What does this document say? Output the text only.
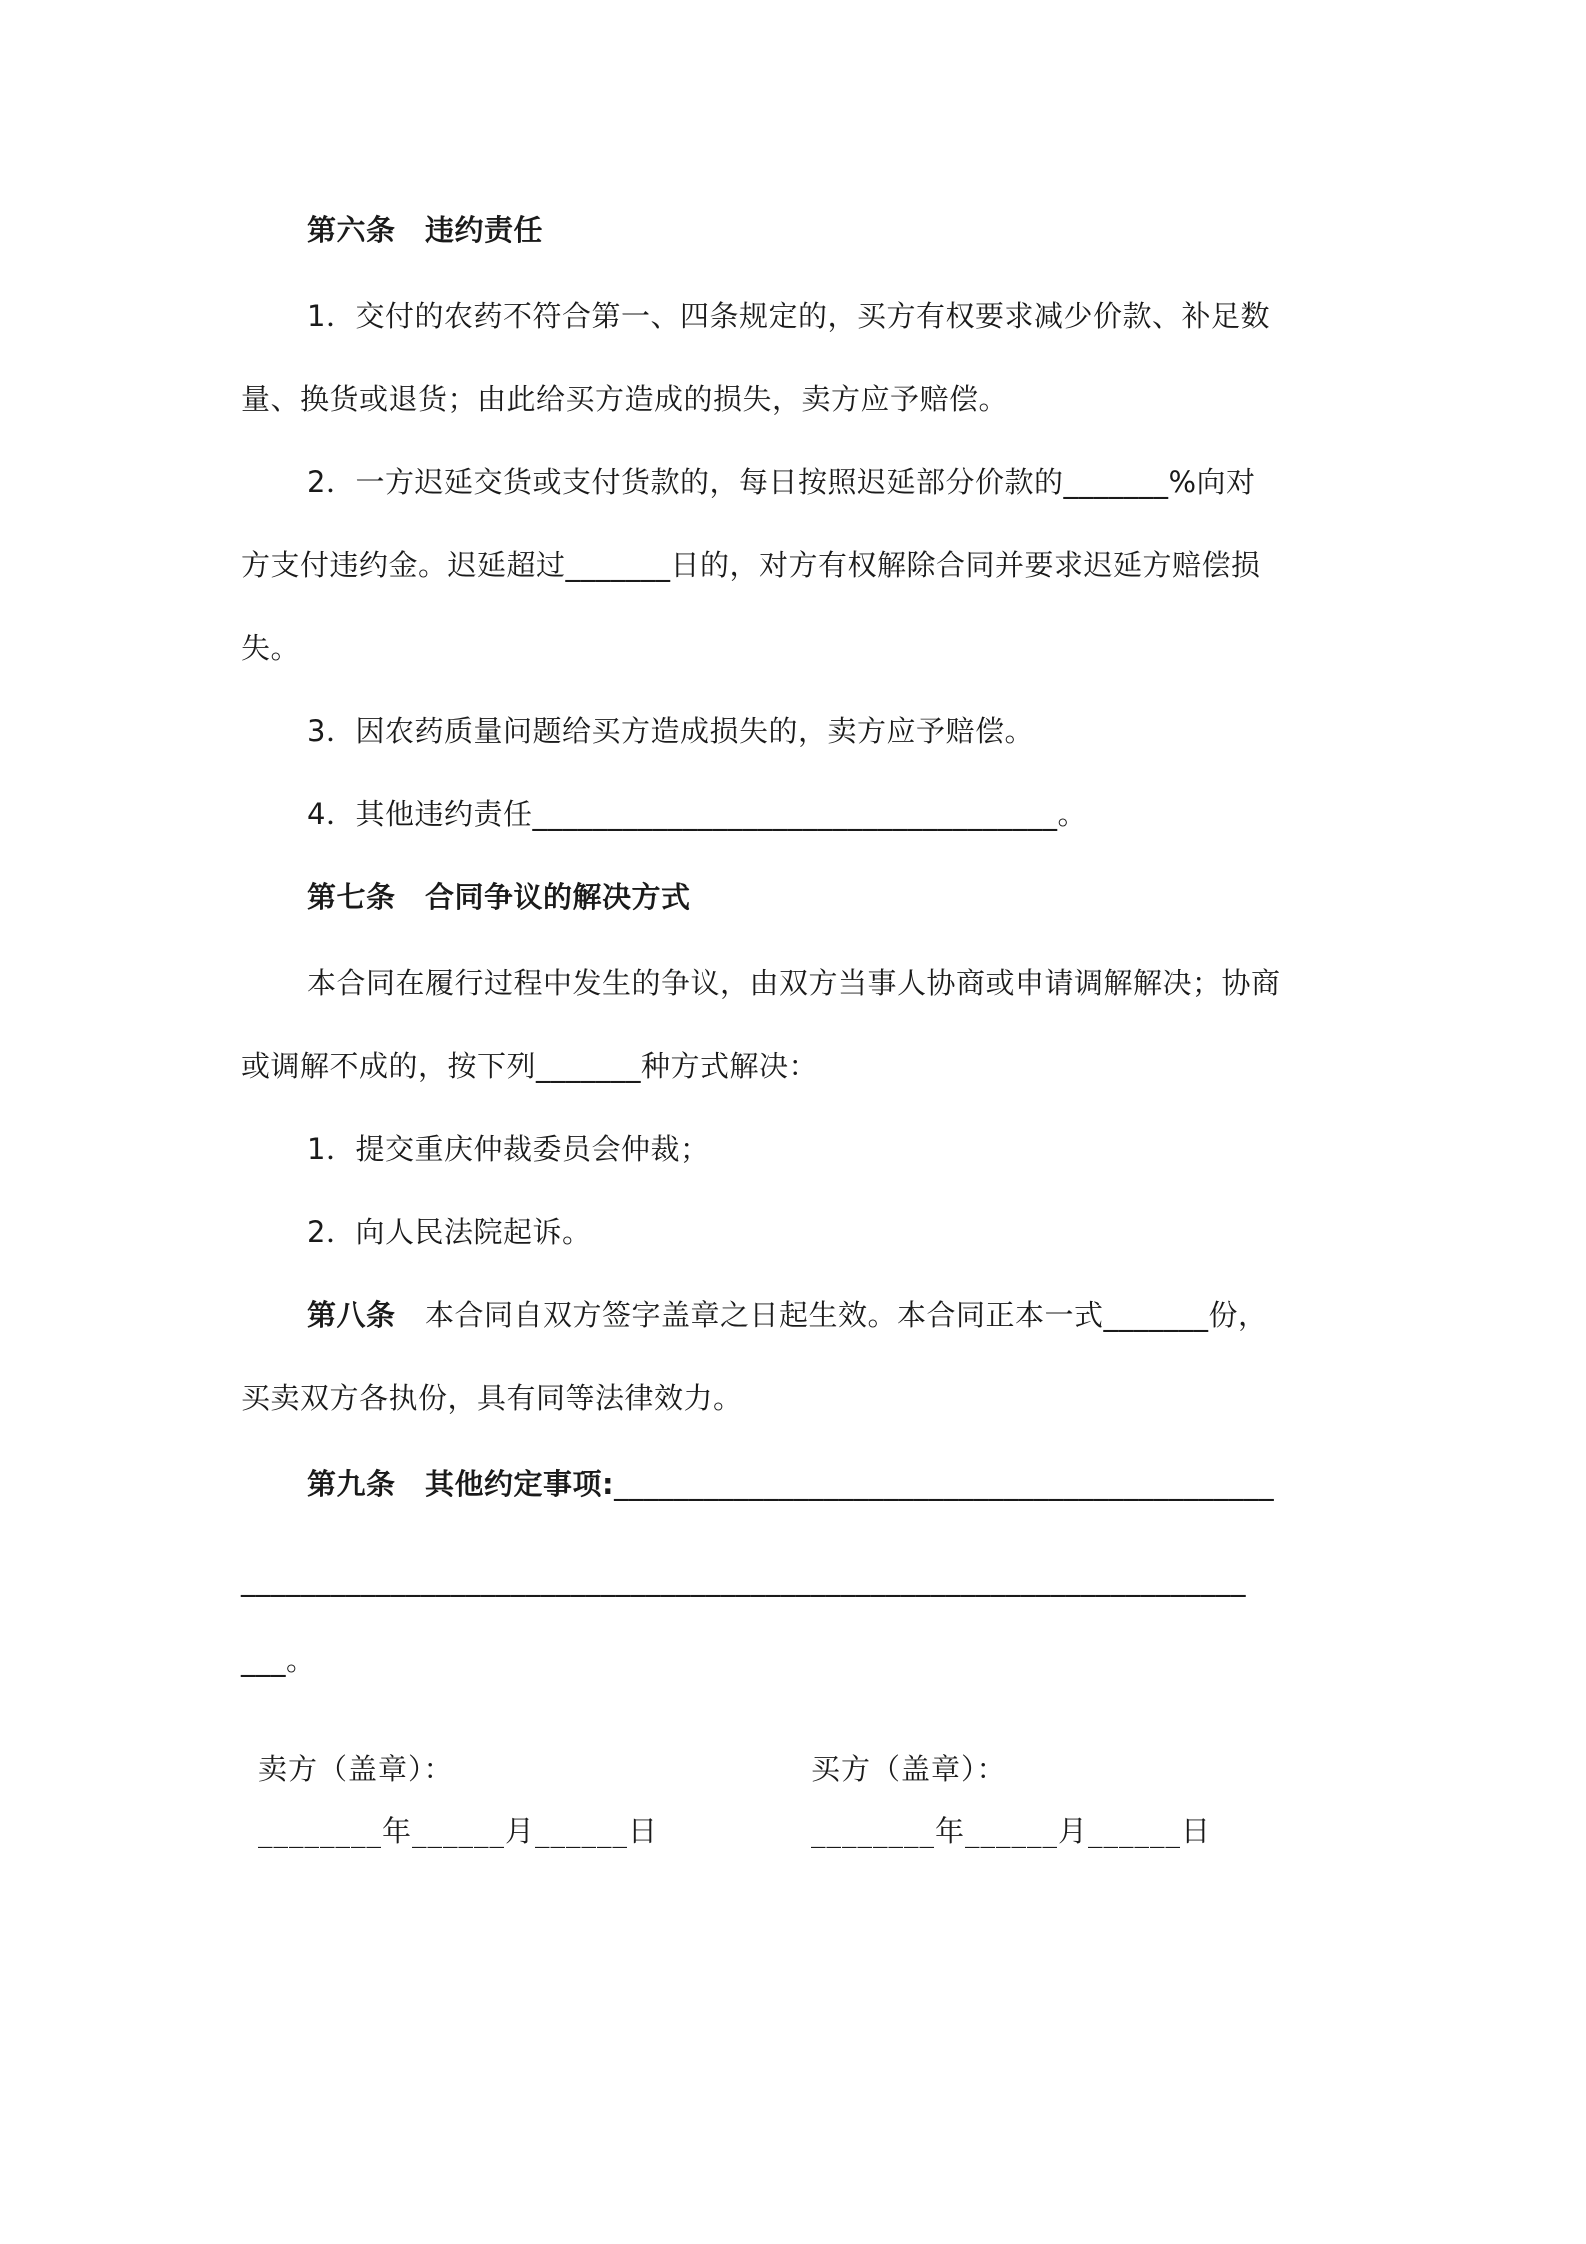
第六条　违约责任
1．交付的农药不符合第一、四条规定的，买方有权要求减少价款、补足数
量、换货或退货；由此给买方造成的损失，卖方应予赔偿。
2．一方迟延交货或支付货款的，每日按照迟延部分价款的_______%向对
方支付违约金。迟延超过_______日的，对方有权解除合同并要求迟延方赔偿损
失。
3．因农药质量问题给买方造成损失的，卖方应予赔偿。
4．其他违约责任___________________________________。
第七条　合同争议的解决方式
本合同在履行过程中发生的争议，由双方当事人协商或申请调解解决；协商
或调解不成的，按下列_______种方式解决：
1．提交重庆仲裁委员会仲裁；
2．向人民法院起诉。
第八条　本合同自双方签字盖章之日起生效。本合同正本一式_______份，
买卖双方各执份，具有同等法律效力。
第九条　其他约定事项:____________________________________________
___________________________________________________________________
___。
卖方（盖章）：	买方（盖章）：
________年______月______日	________年______月______日
